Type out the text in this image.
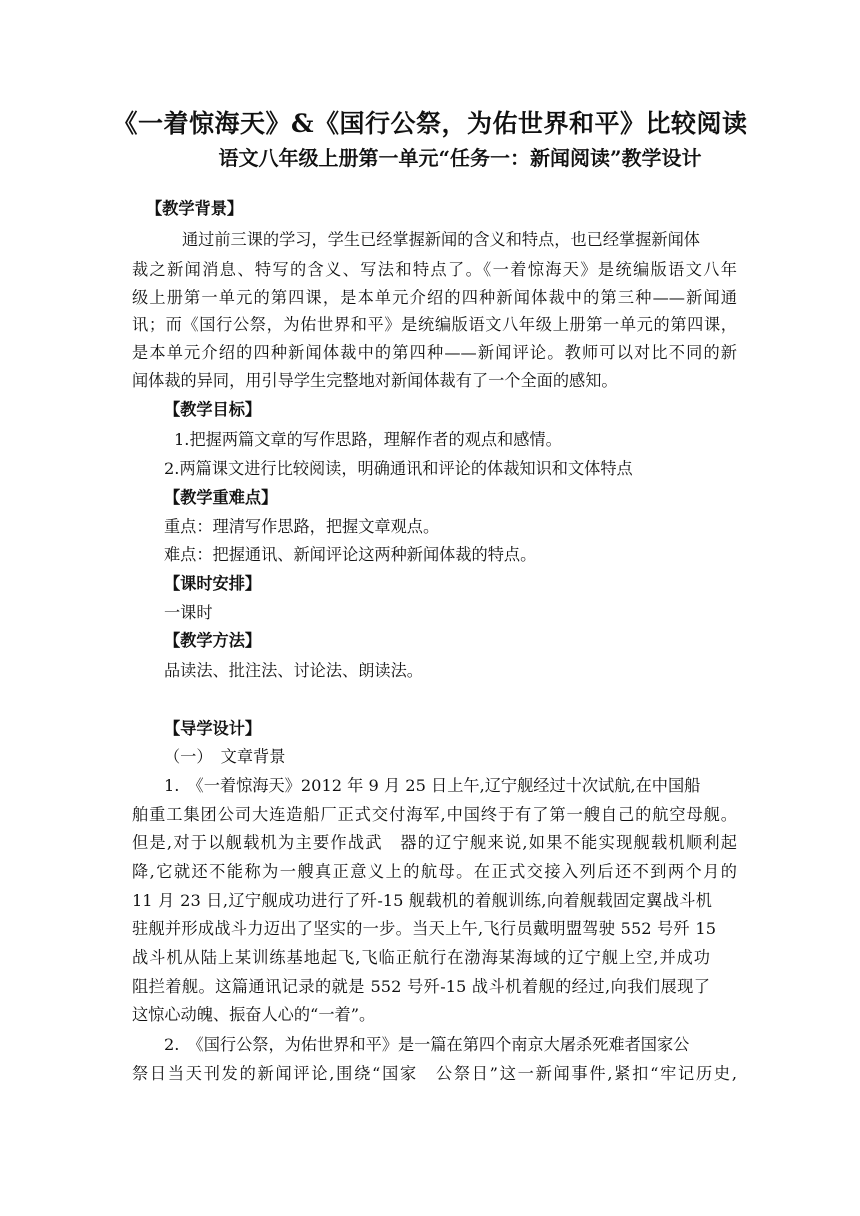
《一着惊海天》&《国行公祭，为佑世界和平》比较阅读
语文八年级上册第一单元“任务一：新闻阅读”教学设计
【教学背景】
通过前三课的学习，学生已经掌握新闻的含义和特点，也已经掌握新闻体
裁之新闻消息、特写的含义、写法和特点了。《一着惊海天》是统编版语文八年
级上册第一单元的第四课，是本单元介绍的四种新闻体裁中的第三种——新闻通
讯；而《国行公祭，为佑世界和平》是统编版语文八年级上册第一单元的第四课，
是本单元介绍的四种新闻体裁中的第四种——新闻评论。教师可以对比不同的新
闻体裁的异同，用引导学生完整地对新闻体裁有了一个全面的感知。
【教学目标】
1.把握两篇文章的写作思路，理解作者的观点和感情。
2.两篇课文进行比较阅读，明确通讯和评论的体裁知识和文体特点
【教学重难点】
重点：理清写作思路，把握文章观点。
难点：把握通讯、新闻评论这两种新闻体裁的特点。
【课时安排】
一课时
【教学方法】
品读法、批注法、讨论法、朗读法。
【导学设计】
（一）　文章背景
1.　《一着惊海天》2012 年 9 月 25 日上午,辽宁舰经过十次试航,在中国船
舶重工集团公司大连造船厂正式交付海军,中国终于有了第一艘自己的航空母舰。
但是,对于以舰载机为主要作战武　器的辽宁舰来说,如果不能实现舰载机顺利起
降,它就还不能称为一艘真正意义上的航母。在正式交接入列后还不到两个月的
11 月 23 日,辽宁舰成功进行了歼-15 舰载机的着舰训练,向着舰载固定翼战斗机
驻舰并形成战斗力迈出了坚实的一步。当天上午,飞行员戴明盟驾驶 552 号歼 15
战斗机从陆上某训练基地起飞,飞临正航行在渤海某海域的辽宁舰上空,并成功
阻拦着舰。这篇通讯记录的就是 552 号歼-15 战斗机着舰的经过,向我们展现了
这惊心动魄、振奋人心的“一着”。
2.　《国行公祭，为佑世界和平》是一篇在第四个南京大屠杀死难者国家公
祭日当天刊发的新闻评论,围绕“国家　公祭日”这一新闻事件,紧扣“牢记历史,
